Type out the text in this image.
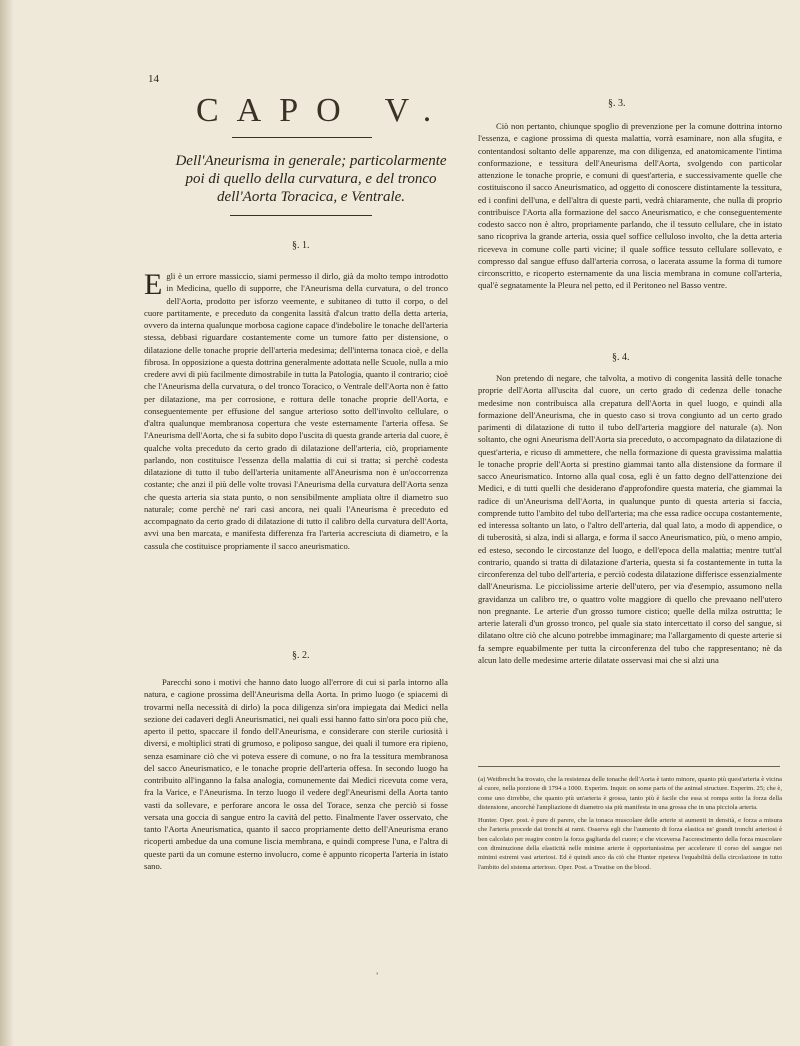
14
CAPO V.
Dell'Aneurisma in generale; particolarmente poi di quello della curvatura, e del tronco dell'Aorta Toracica, e Ventrale.
§. 1.
Egli è un errore massiccio, siami permesso il dirlo, già da molto tempo introdotto in Medicina, quello di supporre, che l'Aneurisma della curvatura, o del tronco dell'Aorta, prodotto per isforzo veemente, e subitaneo di tutto il corpo, o del cuore partitamente, e preceduto da congenita lassità d'alcun tratto della detta arteria, ovvero da interna qualunque morbosa cagione capace d'indebolire le tonache dell'arteria stessa, debbasi riguardare costantemente come un tumore fatto per distensione, o dilatazione delle tonache proprie dell'arteria medesima; dell'interna tonaca cioè, e della fibrosa. In opposizione a questa dottrina generalmente adottata nelle Scuole, nulla a mio credere avvi di più facilmente dimostrabile in tutta la Patologia, quanto il contrario; cioè che l'Aneurisma della curvatura, o del tronco Toracico, o Ventrale dell'Aorta non è fatto per dilatazione, ma per corrosione, e rottura delle tonache proprie dell'Aorta, e conseguentemente per effusione del sangue arterioso sotto dell'involto cellulare, o d'altra qualunque membranosa copertura che veste esternamente l'arteria offesa. Se l'Aneurisma dell'Aorta, che si fa subito dopo l'uscita di questa grande arteria dal cuore, è qualche volta preceduto da certo grado di dilatazione dell'arteria, ciò, propriamente parlando, non costituisce l'essenza della malattia di cui si tratta; sì perchè codesta dilatazione di tutto il tubo dell'arteria unitamente all'Aneurisma non è un'occorrenza costante; che anzi il più delle volte trovasi l'Aneurisma della curvatura dell'Aorta senza che questa arteria sia stata punto, o non sensibilmente ampliata oltre il diametro suo naturale; come perchè ne' rari casi ancora, nei quali l'Aneurisma è preceduto ed accompagnato da certo grado di dilatazione di tutto il calibro della curvatura dell'Aorta, avvi una ben marcata, e manifesta differenza fra l'arteria accresciuta di diametro, e la cassula che costituisce propriamente il sacco aneurismatico.
§. 2.
Parecchi sono i motivi che hanno dato luogo all'errore di cui si parla intorno alla natura, e cagione prossima dell'Aneurisma della Aorta. In primo luogo (e spiacemi di trovarmi nella necessità di dirlo) la poca diligenza sin'ora impiegata dai Medici nella sezione dei cadaveri degli Aneurismatici, nei quali essi hanno fatto sin'ora poco più che, aperto il petto, spaccare il fondo dell'Aneurisma, e considerare con sterile curiosità i diversi, e moltiplici strati di grumoso, e poliposo sangue, dei quali il tumore era ripieno, senza esaminare ciò che vi poteva essere di comune, o no fra la tessitura membranosa del sacco Aneurismatico, e le tonache proprie dell'arteria offesa. In secondo luogo ha contribuito all'inganno la falsa analogia, comunemente dai Medici ricevuta come vera, fra la Varice, e l'Aneurisma. In terzo luogo il vedere degl'Aneurismi della Aorta tanto vasti da sollevare, e perforare ancora le ossa del Torace, senza che perciò si fosse versata una goccia di sangue entro la cavità del petto. Finalmente l'aver osservato, che tanto l'Aorta Aneurismatica, quanto il sacco propriamente detto dell'Aneurisma erano ricoperti ambedue da una comune liscia membrana, e quindi comprese l'una, e l'altra di queste parti da un comune esterno involucro, come è appunto ricoperta l'arteria in istato sano.
§. 3.
Ciò non pertanto, chiunque spoglio di prevenzione per la comune dottrina intorno l'essenza, e cagione prossima di questa malattia, vorrà esaminare, non alla sfugita, e contentandosi soltanto delle apparenze, ma con diligenza, ed anatomicamente l'intima conformazione, e tessitura dell'Aneurisma dell'Aorta, svolgendo con particolar attenzione le tonache proprie, e comuni di quest'arteria, e successivamente quelle che costituiscono il sacco Aneurismatico, ad oggetto di conoscere distintamente la tessitura, ed i confini dell'una, e dell'altra di queste parti, vedrà chiaramente, che nulla di proprio contribuisce l'Aorta alla formazione del sacco Aneurismatico, e che conseguentemente codesto sacco non è altro, propriamente parlando, che il tessuto cellulare, che in istato sano ricopriva la grande arteria, ossia quel soffice celluloso involto, che la detta arteria riceveva in comune colle parti vicine; il quale soffice tessuto cellulare sollevato, e compresso dal sangue effuso dall'arteria corrosa, o lacerata assume la forma di tumore circonscritto, e ricoperto esternamente da una liscia membrana in comune coll'arteria, qual'è segnatamente la Pleura nel petto, ed il Peritoneo nel Basso ventre.
§. 4.
Non pretendo di negare, che talvolta, a motivo di congenita lassità delle tonache proprie dell'Aorta all'uscita dal cuore, un certo grado di cedenza delle tonache medesime non contribuisca alla crepatura dell'Aorta in quel luogo, e quindi alla formazione dell'Aneurisma, che in questo caso si trova congiunto ad un certo grado parimenti di dilatazione di tutto il tubo dell'arteria maggiore del naturale (a). Non soltanto, che ogni Aneurisma dell'Aorta sia preceduto, o accompagnato da dilatazione di quest'arteria, e ricuso di ammettere, che nella formazione di questa gravissima malattia le tonache proprie dell'Aorta si prestino giammai tanto alla distensione da formare il sacco Aneurismatico. Intorno alla qual cosa, egli è un fatto degno dell'attenzione dei Medici, e di tutti quelli che desiderano d'approfondire questa materia, che giammai la radice di un'Aneurisma dell'Aorta, in qualunque punto di questa arteria si faccia, comprende tutto l'ambito del tubo dell'arteria; ma che essa radice occupa costantemente, ed interessa soltanto un lato, o l'altro dell'arteria, dal qual lato, a modo di appendice, o di tuberosità, si alza, indi si allarga, e forma il sacco Aneurismatico, più, o meno ampio, ed esteso, secondo le circostanze del luogo, e dell'epoca della malattia; mentre tutt'al contrario, quando si tratta di dilatazione d'arteria, questa si fa costantemente in tutta la circonferenza del tubo dell'arteria, e perciò codesta dilatazione differisce essenzialmente dall'Aneurisma. Le picciolissime arterie dell'utero, per via d'esempio, assumono nella gravidanza un calibro tre, o quattro volte maggiore di quello che prevaano nell'utero non pregnante. Le arterie d'un grosso tumore cistico; quelle della milza ostruttta; le arterie laterali d'un grosso tronco, pel quale sia stato intercettato il corso del sangue, si dilatano oltre ciò che alcuno potrebbe immaginare; ma l'allargamento di queste arterie si fa sempre equabilmente per tutta la circonferenza del tubo che rappresentano; nè da alcun lato delle medesime arterie dilatate osservasi mai che si alzi una

(a) Weitbrecht ha trovato, che la resistenza delle tonache dell'Aorta è tanto minore, quanto più quest'arteria è vicina al cuore, nella porzione di 1794 a 1000. Experim. Inquir. on some parts of the animal structure. Experim. 25; che è, come uno dirrebbe, che quanto più un'arteria è grossa, tanto più è facile che essa si rompa sotto la forza della distensione, ancorchè l'ampliazione di diametro sia più manifesta in una grossa che in una picciola arteria.

Hunter. Oper. post. è pure di parere, che la tonaca muscolare delle arterie si aumenti in densità, e forza a misura che l'arteria procede dai tronchi ai rami. Osserva egli che l'aumento di forza elastica ne' grandi tronchi arteriosi è ben calcolato per reagire contro la forza gagliarda del cuore; e che viceversa l'accrescimento della forza muscolare con diminuzione della elasticità nelle minime arterie è opportunissima per accelerare il corso del sangue nei minimi estremi vasi arteriosi. Ed è quindi anco da ciò che Hunter ripeteva l'equabilità della circolazione in tutto l'ambito del sistema arterioso. Oper. Post. a Treatise on the blood.

ˈ
